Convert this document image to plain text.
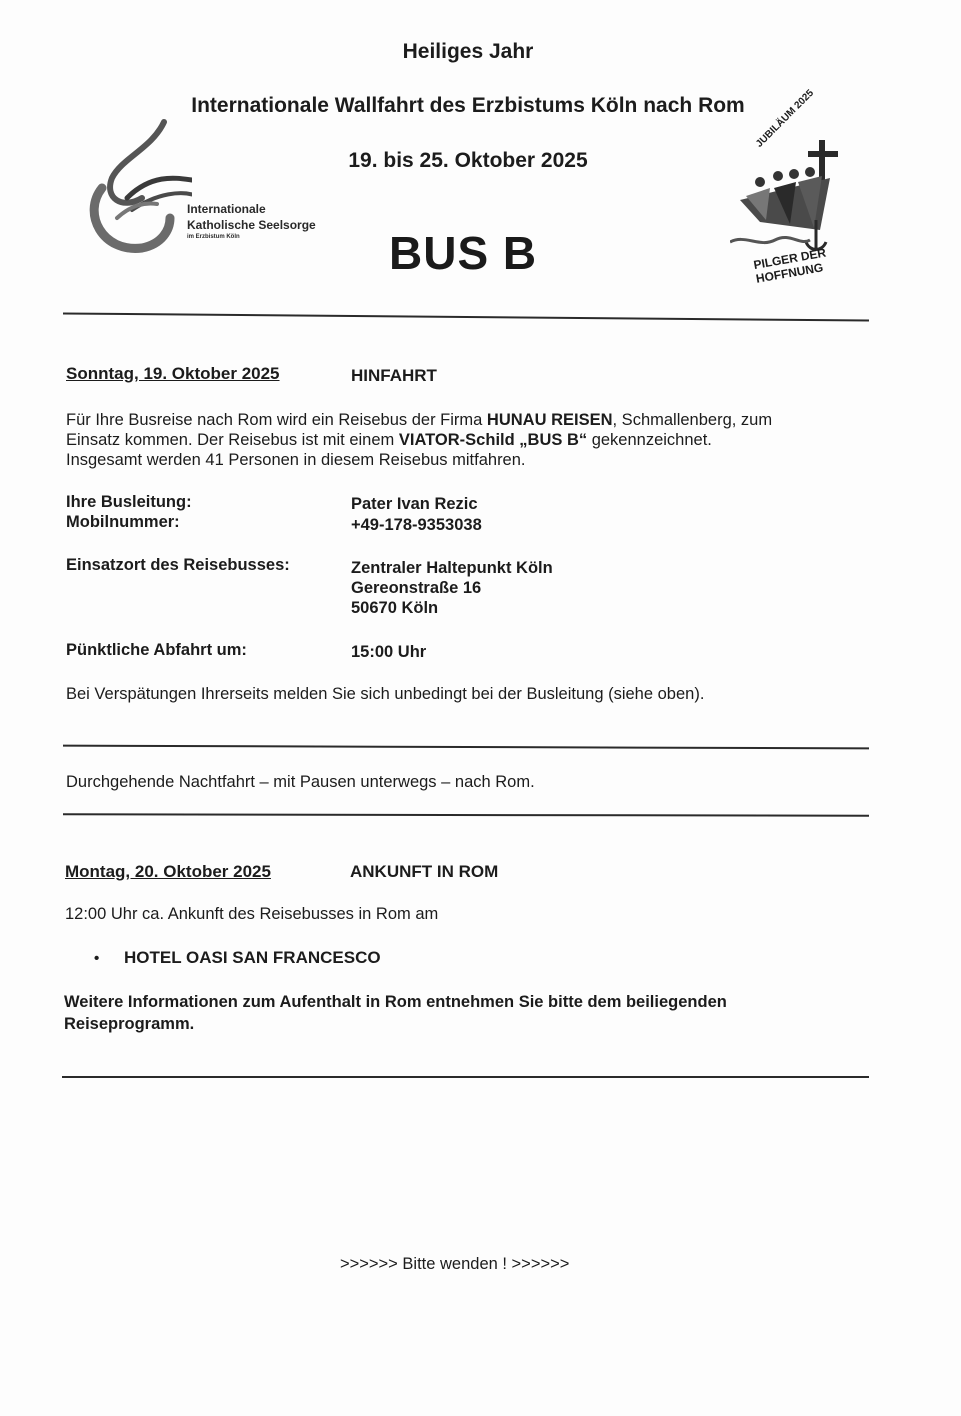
Heiliges Jahr
Internationale Wallfahrt des Erzbistums Köln nach Rom
19. bis 25. Oktober 2025
BUS B
Internationale
Katholische Seelsorge
im Erzbistum Köln
JUBILÄUM 2025
PILGER DER HOFFNUNG
Sonntag, 19. Oktober 2025	HINFAHRT
Für Ihre Busreise nach Rom wird ein Reisebus der Firma HUNAU REISEN, Schmallenberg, zum
Einsatz kommen. Der Reisebus ist mit einem VIATOR-Schild „BUS B“ gekennzeichnet.
Insgesamt werden 41 Personen in diesem Reisebus mitfahren.
Ihre Busleitung:	Pater Ivan Rezic
Mobilnummer:	+49-178-9353038
Einsatzort des Reisebusses:	Zentraler Haltepunkt Köln
Gereonstraße 16
50670 Köln
Pünktliche Abfahrt um:	15:00 Uhr
Bei Verspätungen Ihrerseits melden Sie sich unbedingt bei der Busleitung (siehe oben).
Durchgehende Nachtfahrt – mit Pausen unterwegs – nach Rom.
Montag, 20. Oktober 2025	ANKUNFT IN ROM
12:00 Uhr ca. Ankunft des Reisebusses in Rom am
• HOTEL OASI SAN FRANCESCO
Weitere Informationen zum Aufenthalt in Rom entnehmen Sie bitte dem beiliegenden
Reiseprogramm.
>>>>>> Bitte wenden ! >>>>>>
